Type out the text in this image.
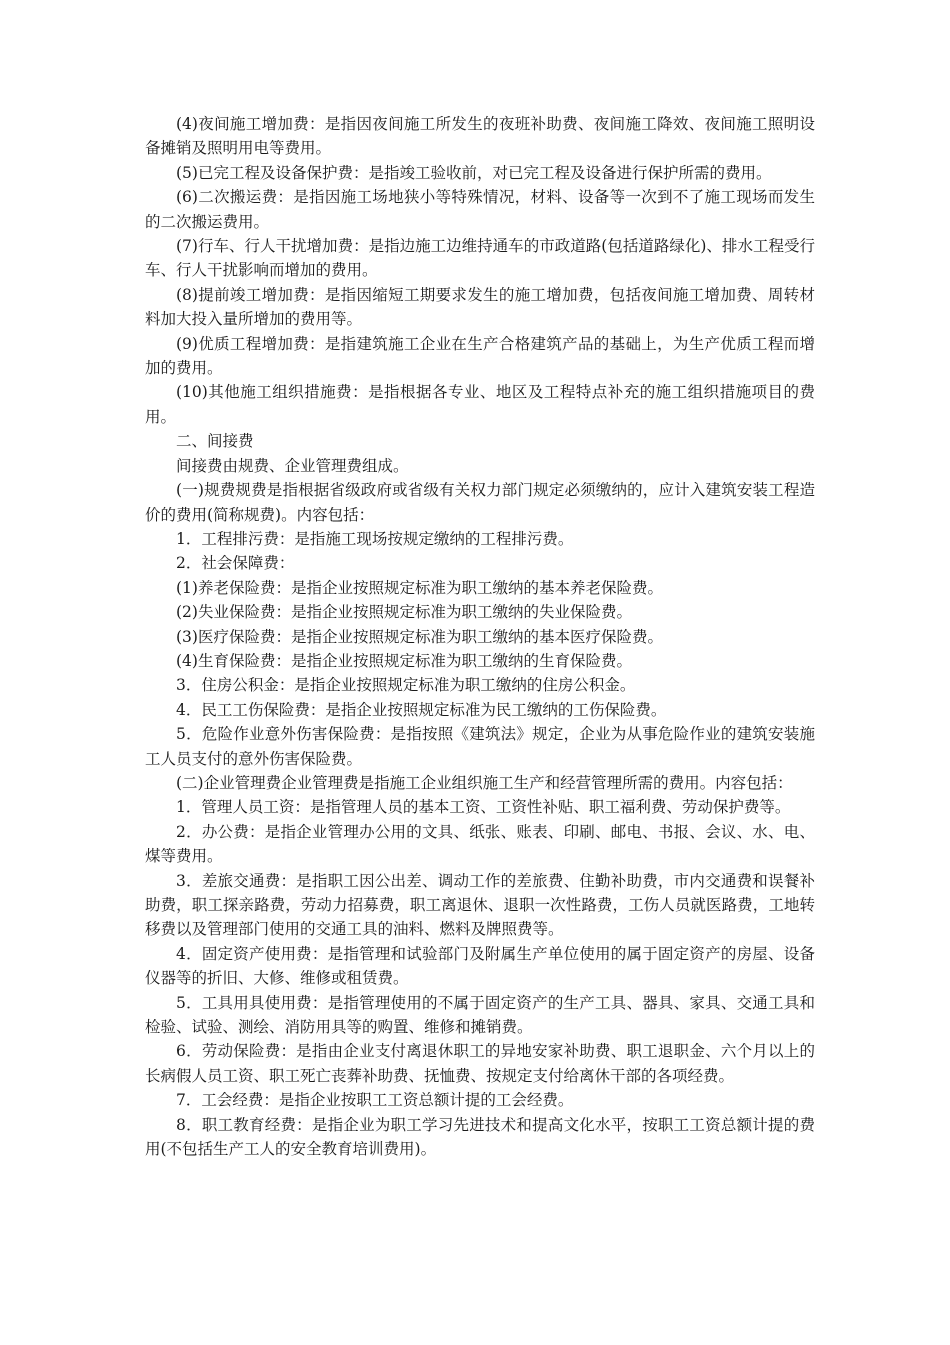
(4)夜间施工增加费：是指因夜间施工所发生的夜班补助费、夜间施工降效、夜间施工照明设备摊销及照明用电等费用。

(5)已完工程及设备保护费：是指竣工验收前，对已完工程及设备进行保护所需的费用。

(6)二次搬运费：是指因施工场地狭小等特殊情况，材料、设备等一次到不了施工现场而发生的二次搬运费用。

(7)行车、行人干扰增加费：是指边施工边维持通车的市政道路(包括道路绿化)、排水工程受行车、行人干扰影响而增加的费用。

(8)提前竣工增加费：是指因缩短工期要求发生的施工增加费，包括夜间施工增加费、周转材料加大投入量所增加的费用等。

(9)优质工程增加费：是指建筑施工企业在生产合格建筑产品的基础上，为生产优质工程而增加的费用。

(10)其他施工组织措施费：是指根据各专业、地区及工程特点补充的施工组织措施项目的费用。

二、间接费

间接费由规费、企业管理费组成。

(一)规费规费是指根据省级政府或省级有关权力部门规定必须缴纳的，应计入建筑安装工程造价的费用(简称规费)。内容包括：

1．工程排污费：是指施工现场按规定缴纳的工程排污费。

2．社会保障费：

(1)养老保险费：是指企业按照规定标准为职工缴纳的基本养老保险费。

(2)失业保险费：是指企业按照规定标准为职工缴纳的失业保险费。

(3)医疗保险费：是指企业按照规定标准为职工缴纳的基本医疗保险费。

(4)生育保险费：是指企业按照规定标准为职工缴纳的生育保险费。

3．住房公积金：是指企业按照规定标准为职工缴纳的住房公积金。

4．民工工伤保险费：是指企业按照规定标准为民工缴纳的工伤保险费。

5．危险作业意外伤害保险费：是指按照《建筑法》规定，企业为从事危险作业的建筑安装施工人员支付的意外伤害保险费。

(二)企业管理费企业管理费是指施工企业组织施工生产和经营管理所需的费用。内容包括：

1．管理人员工资：是指管理人员的基本工资、工资性补贴、职工福利费、劳动保护费等。

2．办公费：是指企业管理办公用的文具、纸张、账表、印刷、邮电、书报、会议、水、电、煤等费用。

3．差旅交通费：是指职工因公出差、调动工作的差旅费、住勤补助费，市内交通费和误餐补助费，职工探亲路费，劳动力招募费，职工离退休、退职一次性路费，工伤人员就医路费，工地转移费以及管理部门使用的交通工具的油料、燃料及牌照费等。

4．固定资产使用费：是指管理和试验部门及附属生产单位使用的属于固定资产的房屋、设备仪器等的折旧、大修、维修或租赁费。

5．工具用具使用费：是指管理使用的不属于固定资产的生产工具、器具、家具、交通工具和检验、试验、测绘、消防用具等的购置、维修和摊销费。

6．劳动保险费：是指由企业支付离退休职工的异地安家补助费、职工退职金、六个月以上的长病假人员工资、职工死亡丧葬补助费、抚恤费、按规定支付给离休干部的各项经费。

7．工会经费：是指企业按职工工资总额计提的工会经费。

8．职工教育经费：是指企业为职工学习先进技术和提高文化水平，按职工工资总额计提的费用(不包括生产工人的安全教育培训费用)。
